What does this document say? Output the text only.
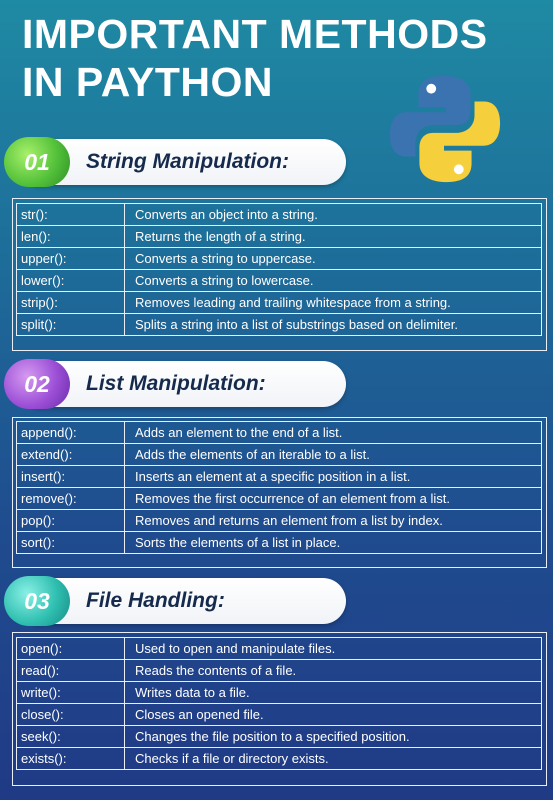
IMPORTANT METHODS
IN PAYTHON
String Manipulation:
01
str():	Converts an object into a string.
len():	Returns the length of a string.
upper():	Converts a string to uppercase.
lower():	Converts a string to lowercase.
strip():	Removes leading and trailing whitespace from a string.
split():	Splits a string into a list of substrings based on delimiter.
List Manipulation:
02
append():	Adds an element to the end of a list.
extend():	Adds the elements of an iterable to a list.
insert():	Inserts an element at a specific position in a list.
remove():	Removes the first occurrence of an element from a list.
pop():	Removes and returns an element from a list by index.
sort():	Sorts the elements of a list in place.
File Handling:
03
open():	Used to open and manipulate files.
read():	Reads the contents of a file.
write():	Writes data to a file.
close():	Closes an opened file.
seek():	Changes the file position to a specified position.
exists():	Checks if a file or directory exists.
